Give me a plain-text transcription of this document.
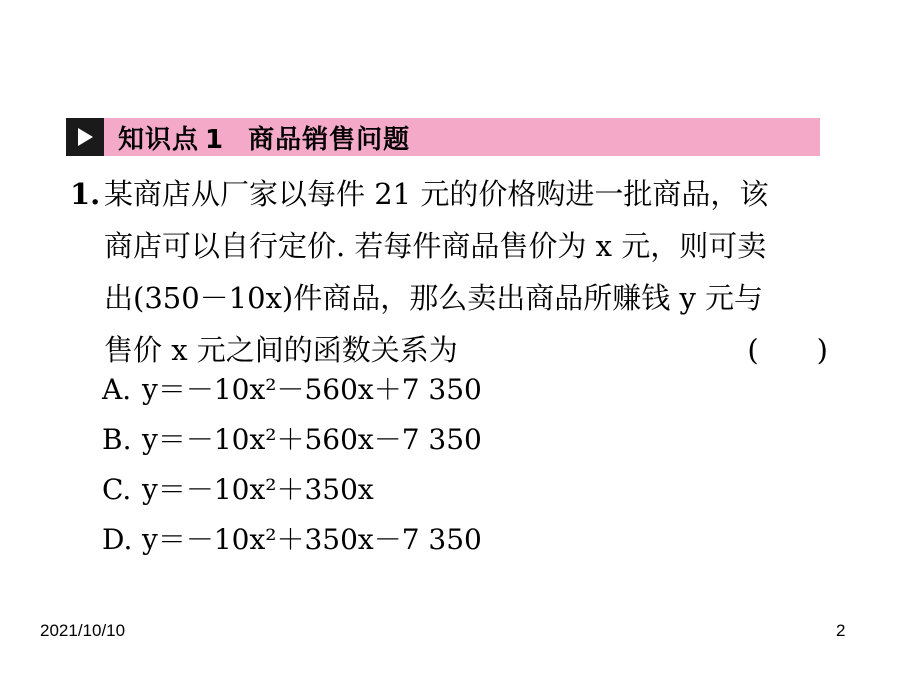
知识点 1 商品销售问题
1. 某商店从厂家以每件 21 元的价格购进一批商品，该
商店可以自行定价. 若每件商品售价为 x 元，则可卖
出(350－10x)件商品，那么卖出商品所赚钱 y 元与
售价 x 元之间的函数关系为	(　　)
A. y＝－10x²－560x＋7 350
B. y＝－10x²＋560x－7 350
C. y＝－10x²＋350x
D. y＝－10x²＋350x－7 350
2021/10/10	2
